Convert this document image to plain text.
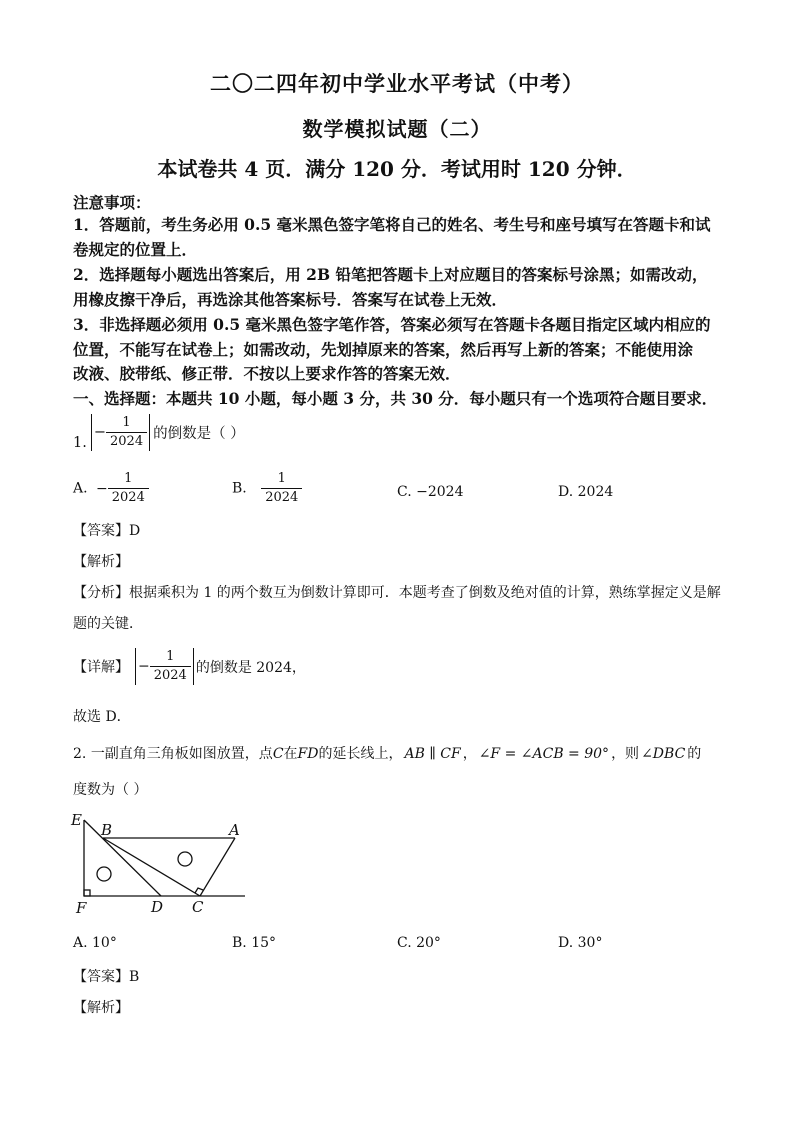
二〇二四年初中学业水平考试（中考）
数学模拟试题（二）
本试卷共 4 页．满分 120 分．考试用时 120 分钟．
注意事项：
1．答题前，考生务必用 0.5 毫米黑色签字笔将自己的姓名、考生号和座号填写在答题卡和试
卷规定的位置上．
2．选择题每小题选出答案后，用 2B 铅笔把答题卡上对应题目的答案标号涂黑；如需改动，
用橡皮擦干净后，再选涂其他答案标号．答案写在试卷上无效．
3．非选择题必须用 0.5 毫米黑色签字笔作答，答案必须写在答题卡各题目指定区域内相应的
位置，不能写在试卷上；如需改动，先划掉原来的答案，然后再写上新的答案；不能使用涂
改液、胶带纸、修正带．不按以上要求作答的答案无效．
一、选择题：本题共 10 小题，每小题 3 分，共 30 分．每小题只有一个选项符合题目要求．
$1.- \frac{1}{2024}$ 的倒数是（ ）
A. − $\frac{1}{2024}$	B. $\frac{1}{2024}$	C. −2024	D. 2024
【答案】D
【解析】
【分析】根据乘积为 1 的两个数互为倒数计算即可．本题考查了倒数及绝对值的计算，熟练掌握定义是解
题的关键．
【详解】 − $\frac{1}{2024}$ 的倒数是 2024，
故选 D．
2. 一副直角三角板如图放置，点C在FD的延长线上， AB ∥ CF ， ∠F = ∠ACB = 90° ，则 ∠DBC 的
度数为（ ）
E
B	A
F	D C
A. 10°	B. 15°	C. 20°	D. 30°
【答案】B
【解析】
